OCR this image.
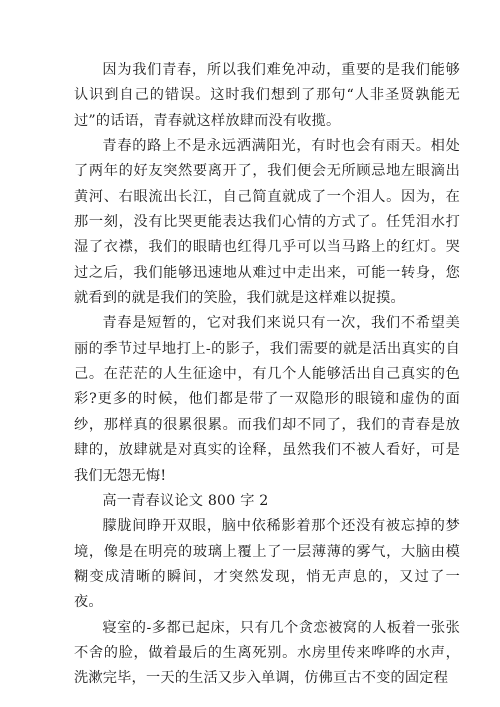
因为我们青春，所以我们难免冲动，重要的是我们能够认识到自己的错误。这时我们想到了那句“人非圣贤孰能无过”的话语，青春就这样放肆而没有收揽。

青春的路上不是永远洒满阳光，有时也会有雨天。相处了两年的好友突然要离开了，我们便会无所顾忌地左眼滴出黄河、右眼流出长江，自己简直就成了一个泪人。因为，在那一刻，没有比哭更能表达我们心情的方式了。任凭泪水打湿了衣襟，我们的眼睛也红得几乎可以当马路上的红灯。哭过之后，我们能够迅速地从难过中走出来，可能一转身，您就看到的就是我们的笑脸，我们就是这样难以捉摸。

青春是短暂的，它对我们来说只有一次，我们不希望美丽的季节过早地打上-的影子，我们需要的就是活出真实的自己。在茫茫的人生征途中，有几个人能够活出自己真实的色彩?更多的时候，他们都是带了一双隐形的眼镜和虚伪的面纱，那样真的很累很累。而我们却不同了，我们的青春是放肆的，放肆就是对真实的诠释，虽然我们不被人看好，可是我们无怨无悔!

高一青春议论文 800 字 2

朦胧间睁开双眼，脑中依稀影着那个还没有被忘掉的梦境，像是在明亮的玻璃上覆上了一层薄薄的雾气，大脑由模糊变成清晰的瞬间，才突然发现，悄无声息的，又过了一夜。

寝室的-多都已起床，只有几个贪恋被窝的人板着一张张不舍的脸，做着最后的生离死别。水房里传来哗哗的水声，洗漱完毕，一天的生活又步入单调，仿佛亘古不变的固定程
